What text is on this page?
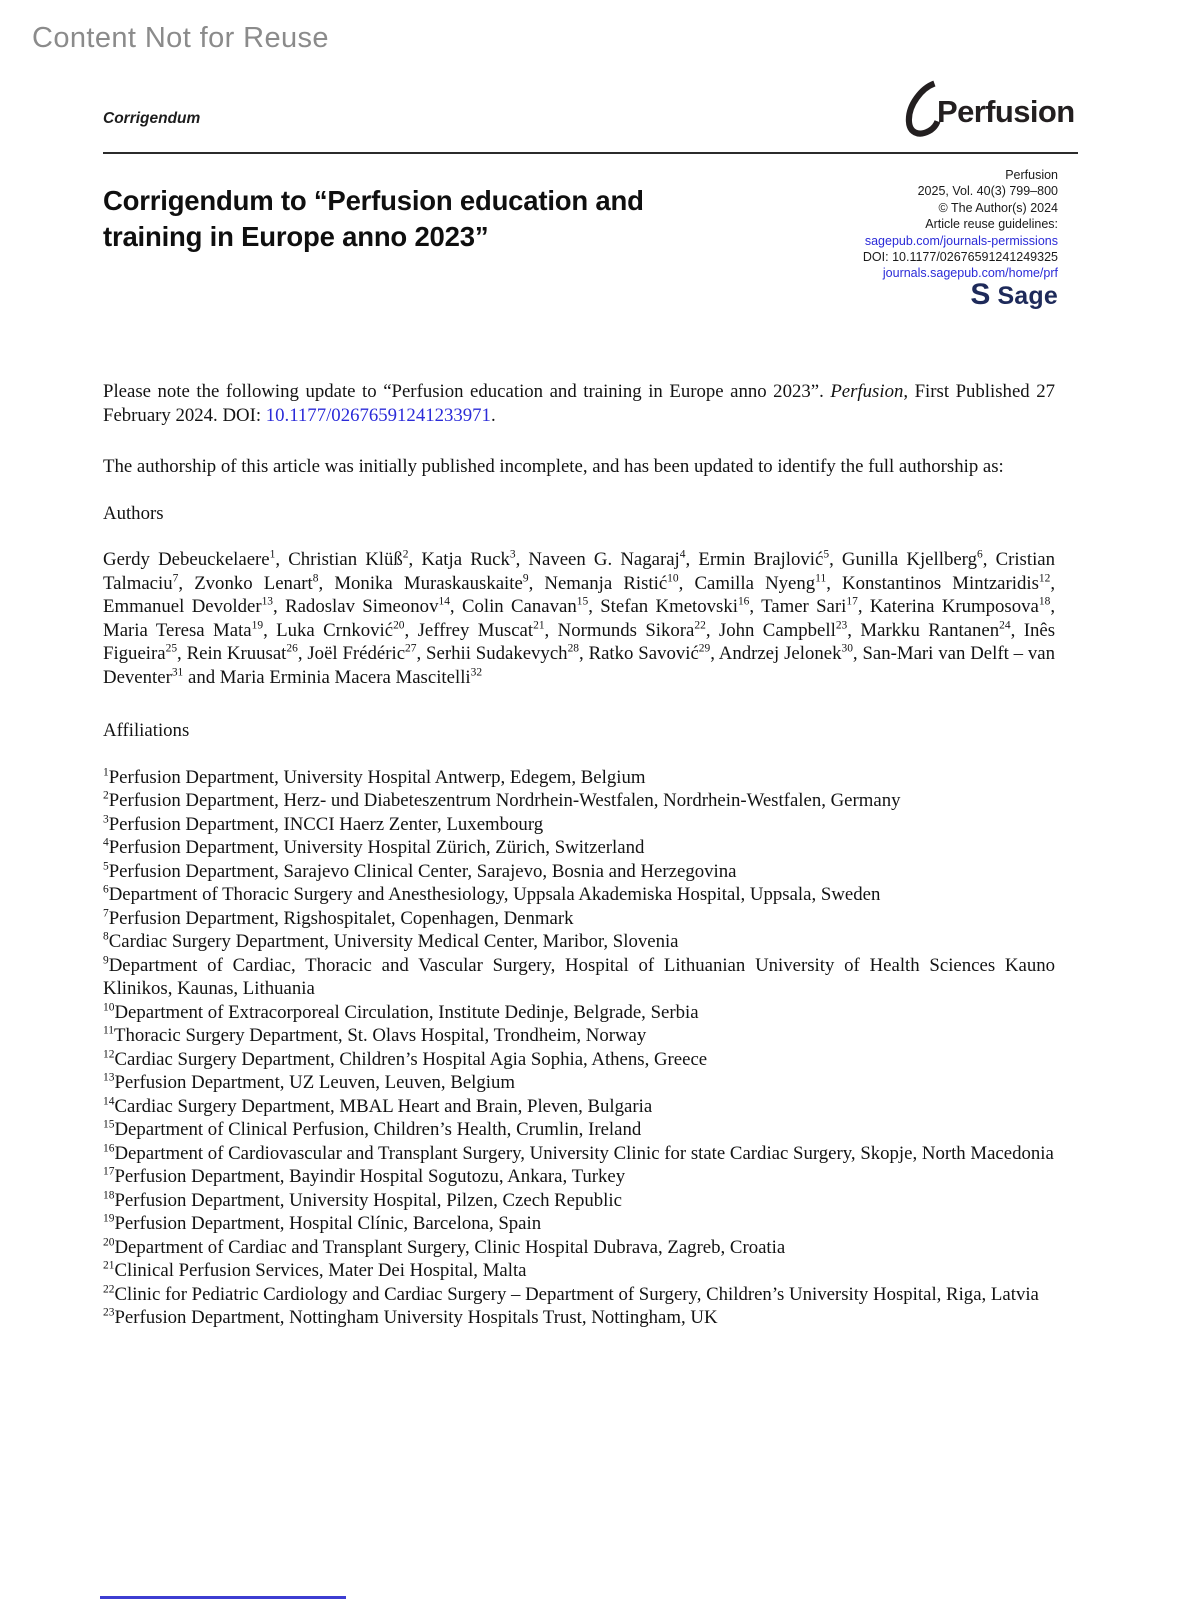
Content Not for Reuse
Corrigendum	Perfusion
Corrigendum to “Perfusion education and
training in Europe anno 2023”
Perfusion
2025, Vol. 40(3) 799–800
© The Author(s) 2024
Article reuse guidelines:
sagepub.com/journals-permissions
DOI: 10.1177/02676591241249325
journals.sagepub.com/home/prf
S Sage

Please note the following update to “Perfusion education and training in Europe anno 2023”. Perfusion, First Published 27 February 2024. DOI: 10.1177/02676591241233971.

The authorship of this article was initially published incomplete, and has been updated to identify the full authorship as:

Authors

Gerdy Debeuckelaere$^1$, Christian Klüß$^2$, Katja Ruck$^3$, Naveen G. Nagaraj$^4$, Ermin Brajlović$^5$, Gunilla Kjellberg$^6$, Cristian Talmaciu$^7$, Zvonko Lenart$^8$, Monika Muraskauskaite$^9$, Nemanja Ristić$^{10}$, Camilla Nyeng$^{11}$, Konstantinos Mintzaridis$^{12}$, Emmanuel Devolder$^{13}$, Radoslav Simeonov$^{14}$, Colin Canavan$^{15}$, Stefan Kmetovski$^{16}$, Tamer Sari$^{17}$, Katerina Krumposova$^{18}$, Maria Teresa Mata$^{19}$, Luka Crnković$^{20}$, Jeffrey Muscat$^{21}$, Normunds Sikora$^{22}$, John Campbell$^{23}$, Markku Rantanen$^{24}$, Inês Figueira$^{25}$, Rein Kruusat$^{26}$, Joël Frédéric$^{27}$, Serhii Sudakevych$^{28}$, Ratko Savović$^{29}$, Andrzej Jelonek$^{30}$, San-Mari van Delft – van Deventer$^{31}$ and Maria Erminia Macera Mascitelli$^{32}$

Affiliations

$^1$Perfusion Department, University Hospital Antwerp, Edegem, Belgium
$^2$Perfusion Department, Herz- und Diabeteszentrum Nordrhein-Westfalen, Nordrhein-Westfalen, Germany
$^3$Perfusion Department, INCCI Haerz Zenter, Luxembourg
$^4$Perfusion Department, University Hospital Zürich, Zürich, Switzerland
$^5$Perfusion Department, Sarajevo Clinical Center, Sarajevo, Bosnia and Herzegovina
$^6$Department of Thoracic Surgery and Anesthesiology, Uppsala Akademiska Hospital, Uppsala, Sweden
$^7$Perfusion Department, Rigshospitalet, Copenhagen, Denmark
$^8$Cardiac Surgery Department, University Medical Center, Maribor, Slovenia
$^9$Department of Cardiac, Thoracic and Vascular Surgery, Hospital of Lithuanian University of Health Sciences Kauno Klinikos, Kaunas, Lithuania
$^{10}$Department of Extracorporeal Circulation, Institute Dedinje, Belgrade, Serbia
$^{11}$Thoracic Surgery Department, St. Olavs Hospital, Trondheim, Norway
$^{12}$Cardiac Surgery Department, Children’s Hospital Agia Sophia, Athens, Greece
$^{13}$Perfusion Department, UZ Leuven, Leuven, Belgium
$^{14}$Cardiac Surgery Department, MBAL Heart and Brain, Pleven, Bulgaria
$^{15}$Department of Clinical Perfusion, Children’s Health, Crumlin, Ireland
$^{16}$Department of Cardiovascular and Transplant Surgery, University Clinic for state Cardiac Surgery, Skopje, North Macedonia
$^{17}$Perfusion Department, Bayindir Hospital Sogutozu, Ankara, Turkey
$^{18}$Perfusion Department, University Hospital, Pilzen, Czech Republic
$^{19}$Perfusion Department, Hospital Clínic, Barcelona, Spain
$^{20}$Department of Cardiac and Transplant Surgery, Clinic Hospital Dubrava, Zagreb, Croatia
$^{21}$Clinical Perfusion Services, Mater Dei Hospital, Malta
$^{22}$Clinic for Pediatric Cardiology and Cardiac Surgery – Department of Surgery, Children’s University Hospital, Riga, Latvia
$^{23}$Perfusion Department, Nottingham University Hospitals Trust, Nottingham, UK
